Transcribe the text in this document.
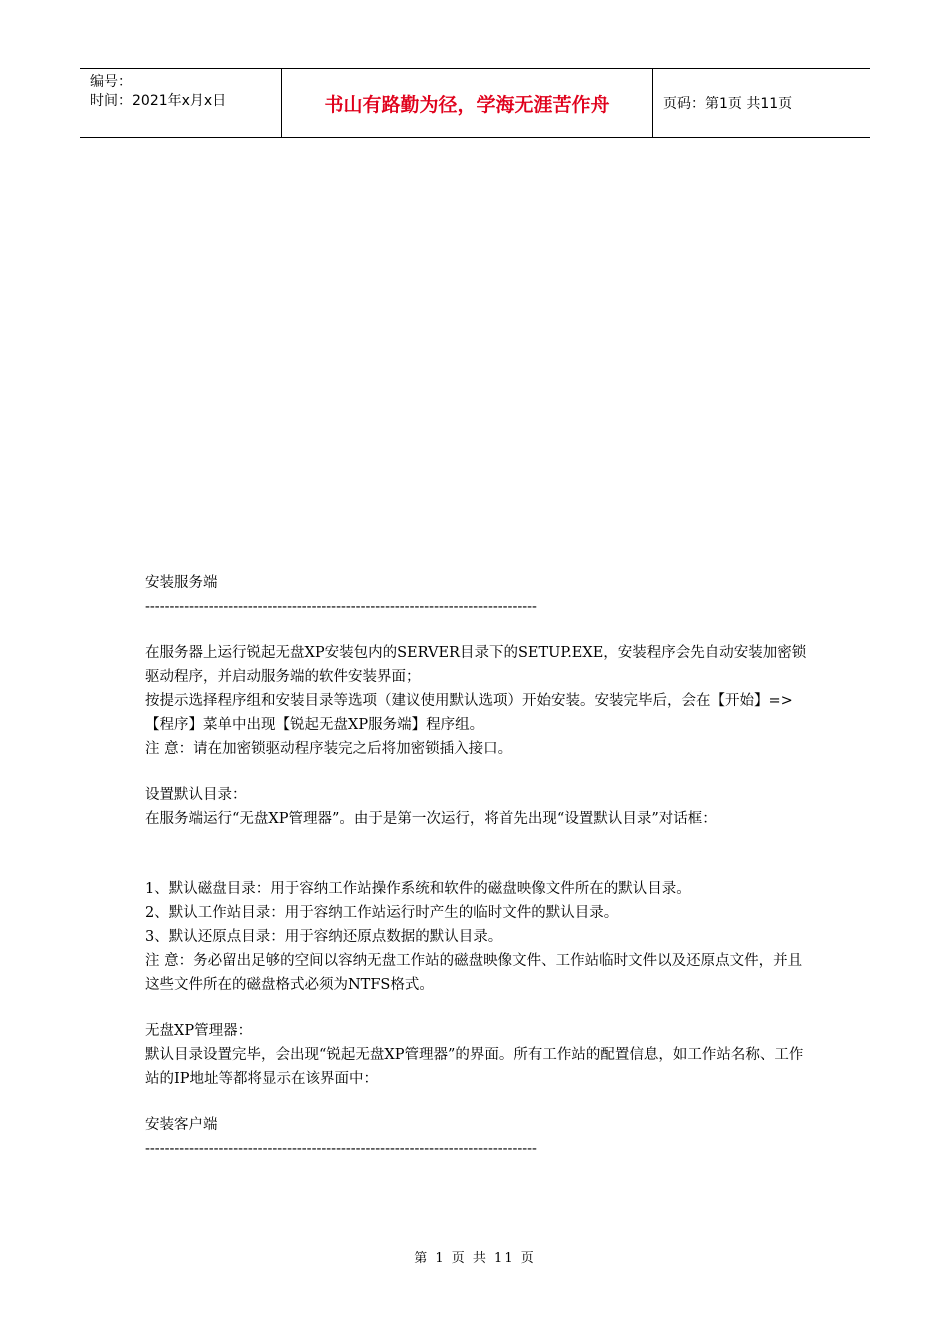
编号：
时间：2021年x月x日	书山有路勤为径，学海无涯苦作舟	页码：第1页 共11页

安装服务端

--------------------------------------------------------------------------------

在服务器上运行锐起无盘XP安装包内的SERVER目录下的SETUP.EXE，安装程序会先自动安装加密锁驱动程序，并启动服务端的软件安装界面；

按提示选择程序组和安装目录等选项（建议使用默认选项）开始安装。安装完毕后，会在【开始】=>【程序】菜单中出现【锐起无盘XP服务端】程序组。

注 意：请在加密锁驱动程序装完之后将加密锁插入接口。

设置默认目录：

在服务端运行“无盘XP管理器”。由于是第一次运行，将首先出现“设置默认目录”对话框：

1、默认磁盘目录：用于容纳工作站操作系统和软件的磁盘映像文件所在的默认目录。

2、默认工作站目录：用于容纳工作站运行时产生的临时文件的默认目录。

3、默认还原点目录：用于容纳还原点数据的默认目录。

注 意：务必留出足够的空间以容纳无盘工作站的磁盘映像文件、工作站临时文件以及还原点文件，并且这些文件所在的磁盘格式必须为NTFS格式。

无盘XP管理器：

默认目录设置完毕，会出现“锐起无盘XP管理器”的界面。所有工作站的配置信息，如工作站名称、工作站的IP地址等都将显示在该界面中：

安装客户端

--------------------------------------------------------------------------------

第 1 页 共 11 页
